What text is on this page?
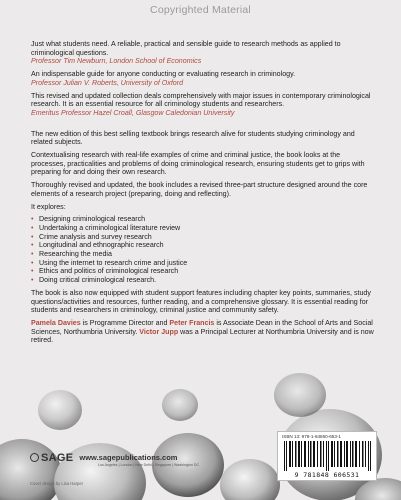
Copyrighted Material

Just what students need. A reliable, practical and sensible guide to research methods as applied to criminological questions.
Professor Tim Newburn, London School of Economics

An indispensable guide for anyone conducting or evaluating research in criminology.
Professor Julian V. Roberts, University of Oxford

This revised and updated collection deals comprehensively with major issues in contemporary criminological research. It is an essential resource for all criminology students and researchers.
Emeritus Professor Hazel Croall, Glasgow Caledonian University

The new edition of this best selling textbook brings research alive for students studying criminology and related subjects.

Contextualising research with real-life examples of crime and criminal justice, the book looks at the processes, practicalities and problems of doing criminological research, ensuring students get to grips with preparing for and doing their own research.

Thoroughly revised and updated, the book includes a revised three-part structure designed around the core elements of a research project (preparing, doing and reflecting).

It explores:

• Designing criminological research
• Undertaking a criminological literature review
• Crime analysis and survey research
• Longitudinal and ethnographic research
• Researching the media
• Using the internet to research crime and justice
• Ethics and politics of criminological research
• Doing critical criminological research.

The book is also now equipped with student support features including chapter key points, summaries, study questions/activities and resources, further reading, and a comprehensive glossary. It is essential reading for students and researchers in criminology, criminal justice and community safety.

Pamela Davies is Programme Director and Peter Francis is Associate Dean in the School of Arts and Social Sciences, Northumbria University. Victor Jupp was a Principal Lecturer at Northumbria University and is now retired.

SAGE www.sagepublications.com
Los Angeles | London | New Delhi | Singapore | Washington DC
Cover design by Lisa Harper
ISBN 13: 978-1-84860-653-1
9 781848 606531
